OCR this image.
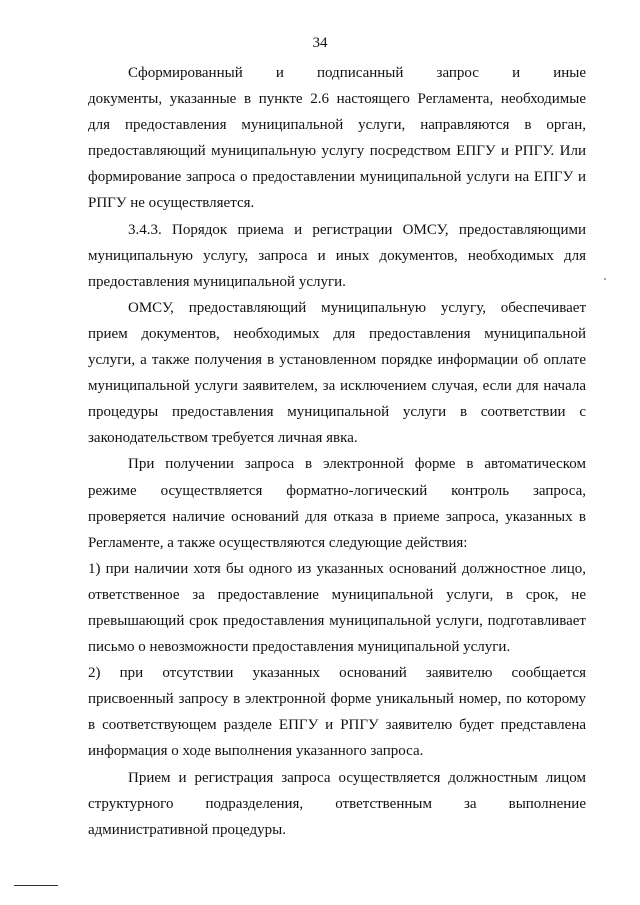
34
Сформированный и подписанный запрос и иные
документы, указанные в пункте 2.6 настоящего Регламента, необходимые
для предоставления муниципальной услуги, направляются в орган,
предоставляющий муниципальную услугу посредством ЕПГУ и РПГУ. Или
формирование запроса о предоставлении муниципальной услуги на ЕПГУ и
РПГУ не осуществляется.
3.4.3. Порядок приема и регистрации ОМСУ, предоставляющими
муниципальную услугу, запроса и иных документов, необходимых для
предоставления муниципальной услуги.
ОМСУ, предоставляющий муниципальную услугу, обеспечивает
прием документов, необходимых для предоставления муниципальной
услуги, а также получения в установленном порядке информации об оплате
муниципальной услуги заявителем, за исключением случая, если для начала
процедуры предоставления муниципальной услуги в соответствии с
законодательством требуется личная явка.
При получении запроса в электронной форме в автоматическом
режиме осуществляется форматно-логический контроль запроса,
проверяется наличие оснований для отказа в приеме запроса, указанных в
Регламенте, а также осуществляются следующие действия:
1) при наличии хотя бы одного из указанных оснований должностное лицо,
ответственное за предоставление муниципальной услуги, в срок, не
превышающий срок предоставления муниципальной услуги, подготавливает
письмо о невозможности предоставления муниципальной услуги.
2) при отсутствии указанных оснований заявителю сообщается
присвоенный запросу в электронной форме уникальный номер, по которому
в соответствующем разделе ЕПГУ и РПГУ заявителю будет представлена
информация о ходе выполнения указанного запроса.
Прием и регистрация запроса осуществляется должностным лицом
структурного подразделения, ответственным за выполнение
административной процедуры.
